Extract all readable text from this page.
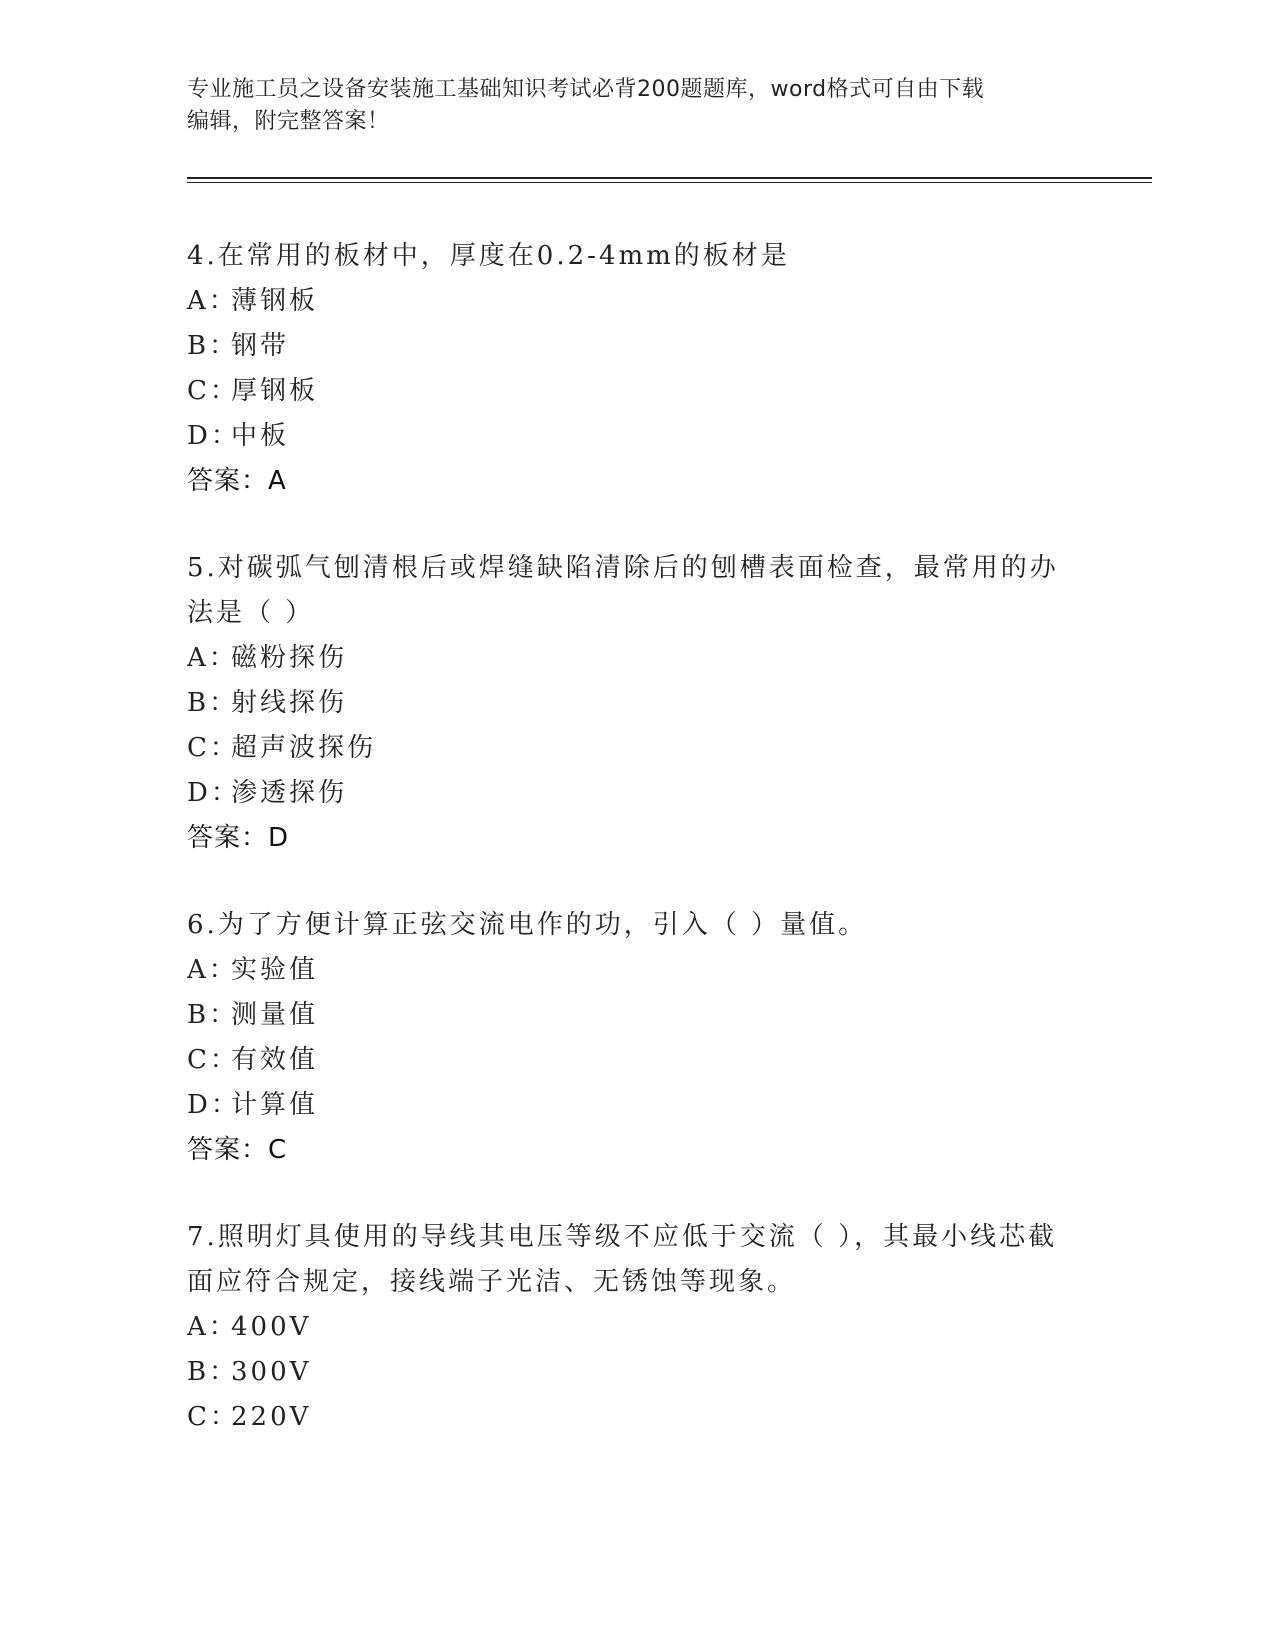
专业施工员之设备安装施工基础知识考试必背200题题库，word格式可自由下载
编辑，附完整答案！

4.在常用的板材中，厚度在0.2-4mm的板材是

A：薄钢板

B：钢带

C：厚钢板

D：中板

答案：A

5.对碳弧气刨清根后或焊缝缺陷清除后的刨槽表面检查，最常用的办

法是（ ）

A：磁粉探伤

B：射线探伤

C：超声波探伤

D：渗透探伤

答案：D

6.为了方便计算正弦交流电作的功，引入（ ）量值。

A：实验值

B：测量值

C：有效值

D：计算值

答案：C

7.照明灯具使用的导线其电压等级不应低于交流（ ），其最小线芯截

面应符合规定，接线端子光洁、无锈蚀等现象。

A：400V

B：300V

C：220V
